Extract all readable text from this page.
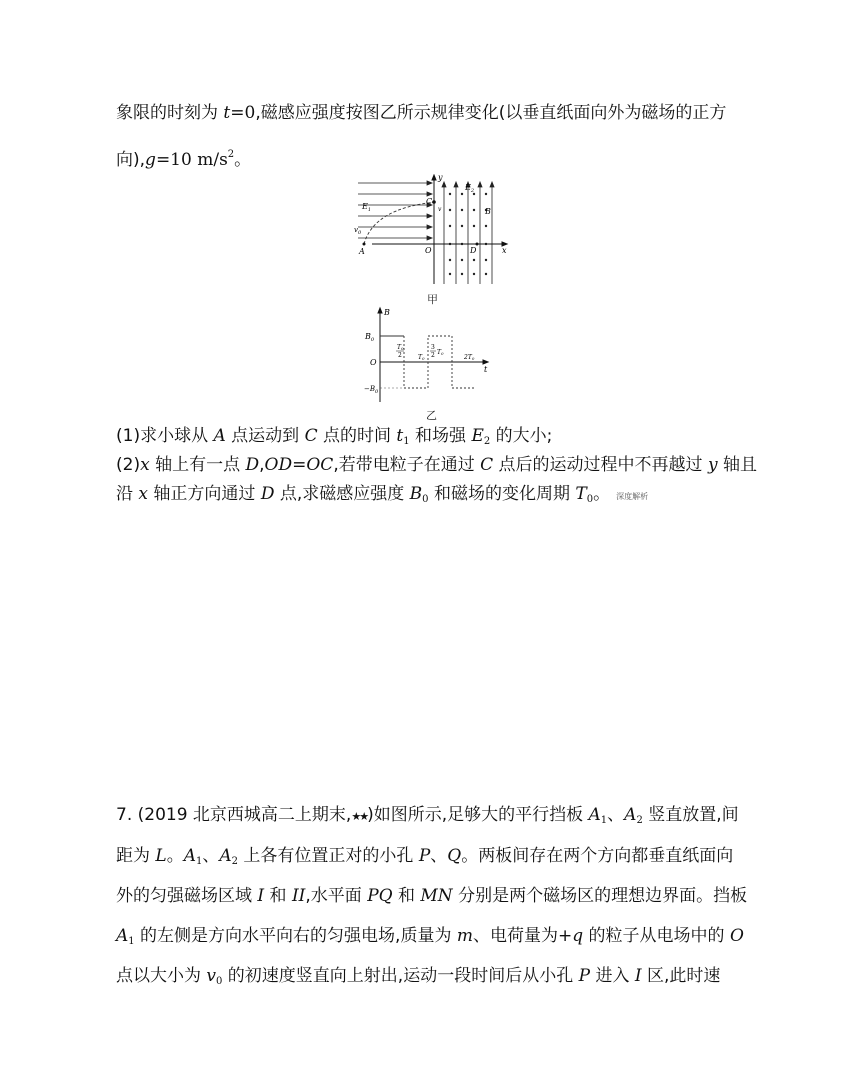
象限的时刻为 t=0,磁感应强度按图乙所示规律变化(以垂直纸面向外为磁场的正方
向),g=10 $m/s^2$。
y
x
$E_1$
$E_2$
B
C
v
$v_0$
A	O	D
甲
B
$B_0$
O
$-B_0$
t
T0
2	T0
3
2 T0
2T0
乙
(1)求小球从 A 点运动到 C 点的时间 $t_1$ 和场强 $E_2$ 的大小;
(2)x 轴上有一点 D,OD=OC,若带电粒子在通过 C 点后的运动过程中不再越过 y 轴且
沿 x 轴正方向通过 D 点,求磁感应强度 $B_0$ 和磁场的变化周期 $T_0$。 深度解析
7. (2019 北京西城高二上期末,★★)如图所示,足够大的平行挡板 $A_1$、$A_2$ 竖直放置,间
距为 L。$A_1$、$A_2$ 上各有位置正对的小孔 P、Q。两板间存在两个方向都垂直纸面向
外的匀强磁场区域 I 和 II,水平面 PQ 和 MN 分别是两个磁场区的理想边界面。挡板
$A_1$ 的左侧是方向水平向右的匀强电场,质量为 m、电荷量为+q 的粒子从电场中的 O
点以大小为 $v_0$ 的初速度竖直向上射出,运动一段时间后从小孔 P 进入 I 区,此时速
